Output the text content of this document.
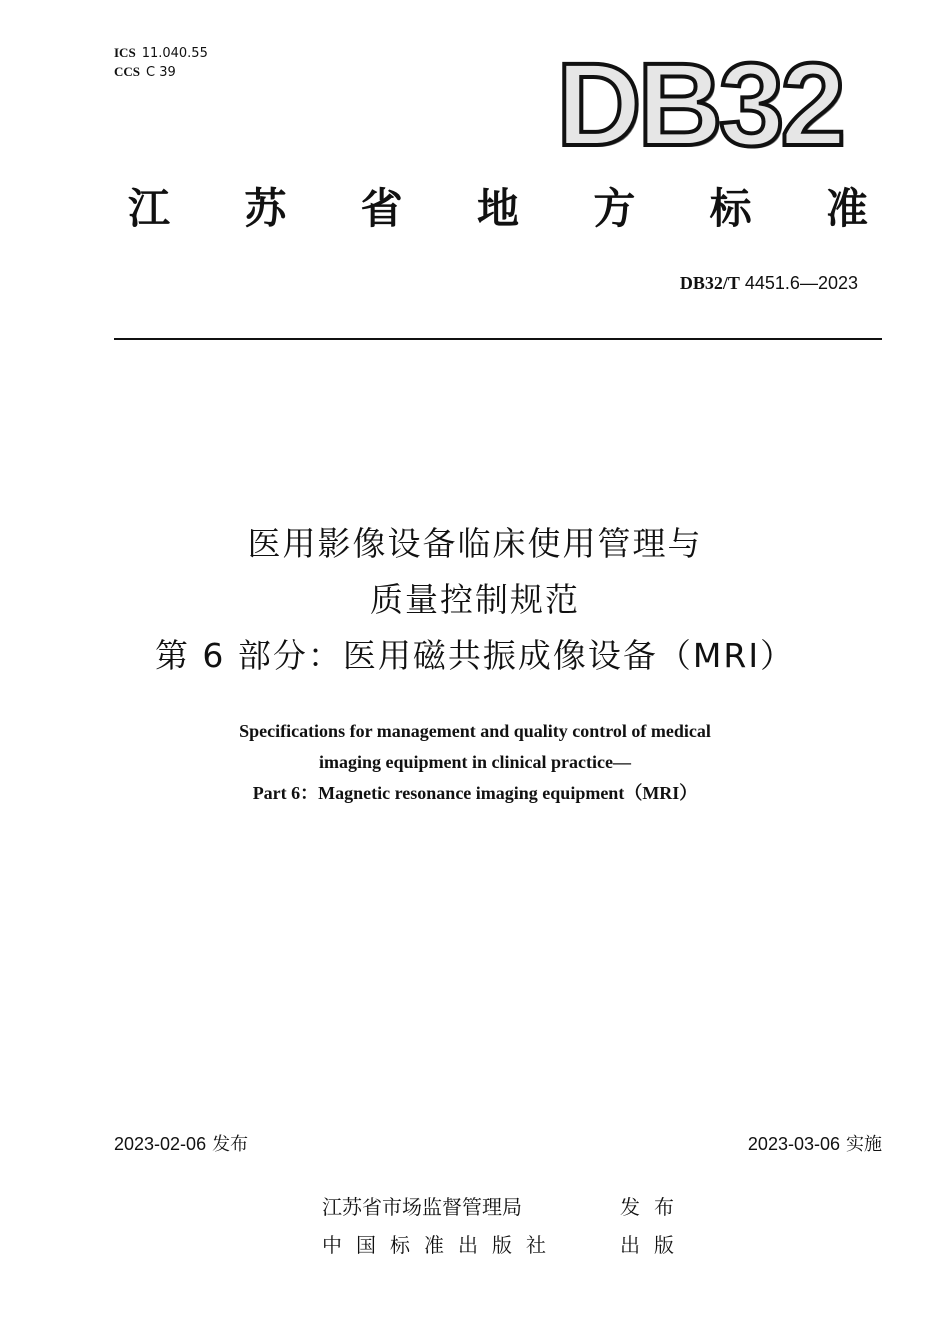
ICS 11.040.55
CCS C 39	DB32
江 苏 省 地 方 标 准
DB32/T 4451.6—2023
医用影像设备临床使用管理与
质量控制规范
第 6 部分：医用磁共振成像设备（MRI）
Specifications for management and quality control of medical
imaging equipment in clinical practice—
Part 6：Magnetic resonance imaging equipment（MRI）
2023-02-06 发布	2023-03-06 实施
江苏省市场监督管理局	发布
中国标准出版社	出版
